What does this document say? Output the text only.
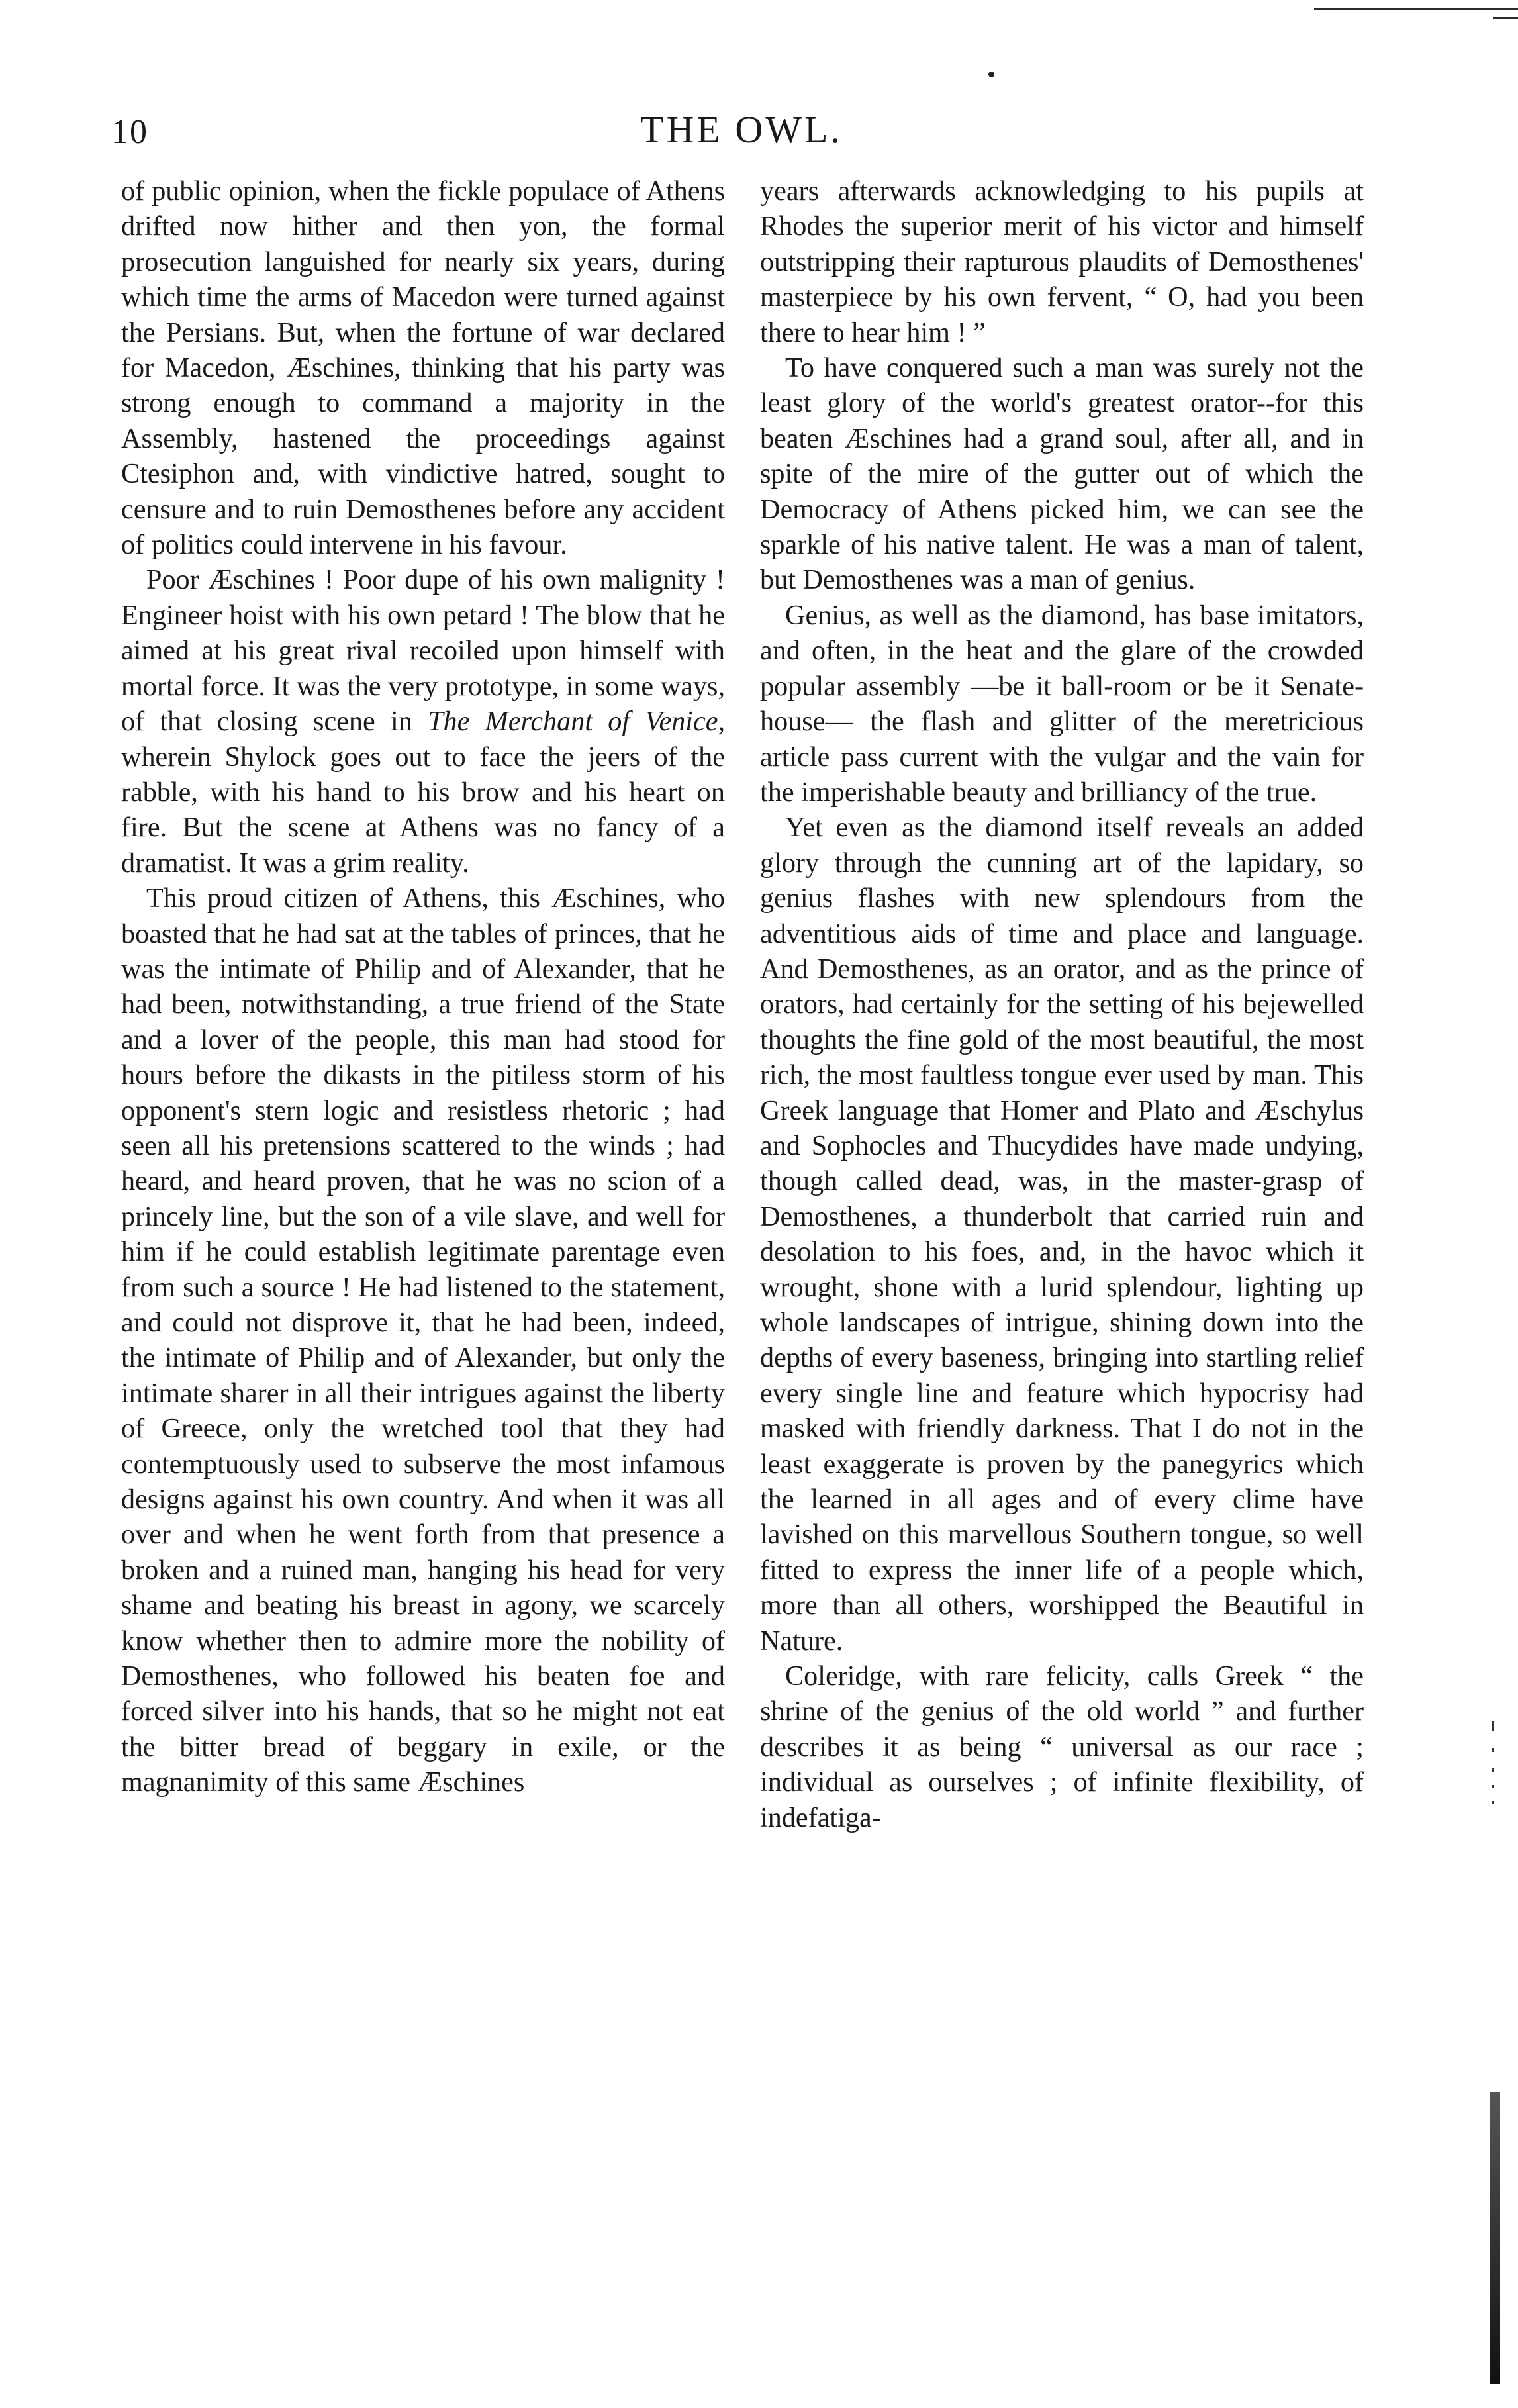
10	THE OWL.

of public opinion, when the fickle populace of Athens drifted now hither and then yon, the formal prosecution languished for nearly six years, during which time the arms of Macedon were turned against the Persians. But, when the fortune of war declared for Macedon, Æschines, thinking that his party was strong enough to command a majority in the Assembly, hastened the proceedings against Ctesiphon and, with vindictive hatred, sought to censure and to ruin Demosthenes before any accident of politics could intervene in his favour.

Poor Æschines ! Poor dupe of his own malignity ! Engineer hoist with his own petard ! The blow that he aimed at his great rival recoiled upon himself with mortal force. It was the very prototype, in some ways, of that closing scene in The Merchant of Venice, wherein Shylock goes out to face the jeers of the rabble, with his hand to his brow and his heart on fire. But the scene at Athens was no fancy of a dramatist. It was a grim reality.

This proud citizen of Athens, this Æschines, who boasted that he had sat at the tables of princes, that he was the intimate of Philip and of Alexander, that he had been, notwithstanding, a true friend of the State and a lover of the people, this man had stood for hours before the dikasts in the pitiless storm of his opponent's stern logic and resistless rhetoric ; had seen all his pretensions scattered to the winds ; had heard, and heard proven, that he was no scion of a princely line, but the son of a vile slave, and well for him if he could establish legitimate parentage even from such a source ! He had listened to the statement, and could not disprove it, that he had been, indeed, the intimate of Philip and of Alexander, but only the intimate sharer in all their intrigues against the liberty of Greece, only the wretched tool that they had contemptuously used to subserve the most infamous designs against his own country. And when it was all over and when he went forth from that presence a broken and a ruined man, hanging his head for very shame and beating his breast in agony, we scarcely know whether then to admire more the nobility of Demosthenes, who followed his beaten foe and forced silver into his hands, that so he might not eat the bitter bread of beggary in exile, or the magnanimity of this same Æschines

years afterwards acknowledging to his pupils at Rhodes the superior merit of his victor and himself outstripping their rapturous plaudits of Demosthenes' masterpiece by his own fervent, “ O, had you been there to hear him ! ”

To have conquered such a man was surely not the least glory of the world's greatest orator--for this beaten Æschines had a grand soul, after all, and in spite of the mire of the gutter out of which the Democracy of Athens picked him, we can see the sparkle of his native talent. He was a man of talent, but Demosthenes was a man of genius.

Genius, as well as the diamond, has base imitators, and often, in the heat and the glare of the crowded popular assembly —be it ball-room or be it Senate-house— the flash and glitter of the meretricious article pass current with the vulgar and the vain for the imperishable beauty and brilliancy of the true.

Yet even as the diamond itself reveals an added glory through the cunning art of the lapidary, so genius flashes with new splendours from the adventitious aids of time and place and language. And Demosthenes, as an orator, and as the prince of orators, had certainly for the setting of his bejewelled thoughts the fine gold of the most beautiful, the most rich, the most faultless tongue ever used by man. This Greek language that Homer and Plato and Æschylus and Sophocles and Thucydides have made undying, though called dead, was, in the master-grasp of Demosthenes, a thunderbolt that carried ruin and desolation to his foes, and, in the havoc which it wrought, shone with a lurid splendour, lighting up whole landscapes of intrigue, shining down into the depths of every baseness, bringing into startling relief every single line and feature which hypocrisy had masked with friendly darkness. That I do not in the least exaggerate is proven by the panegyrics which the learned in all ages and of every clime have lavished on this marvellous Southern tongue, so well fitted to express the inner life of a people which, more than all others, worshipped the Beautiful in Nature.

Coleridge, with rare felicity, calls Greek “ the shrine of the genius of the old world ” and further describes it as being “ universal as our race ; individual as ourselves ; of infinite flexibility, of indefatiga-
